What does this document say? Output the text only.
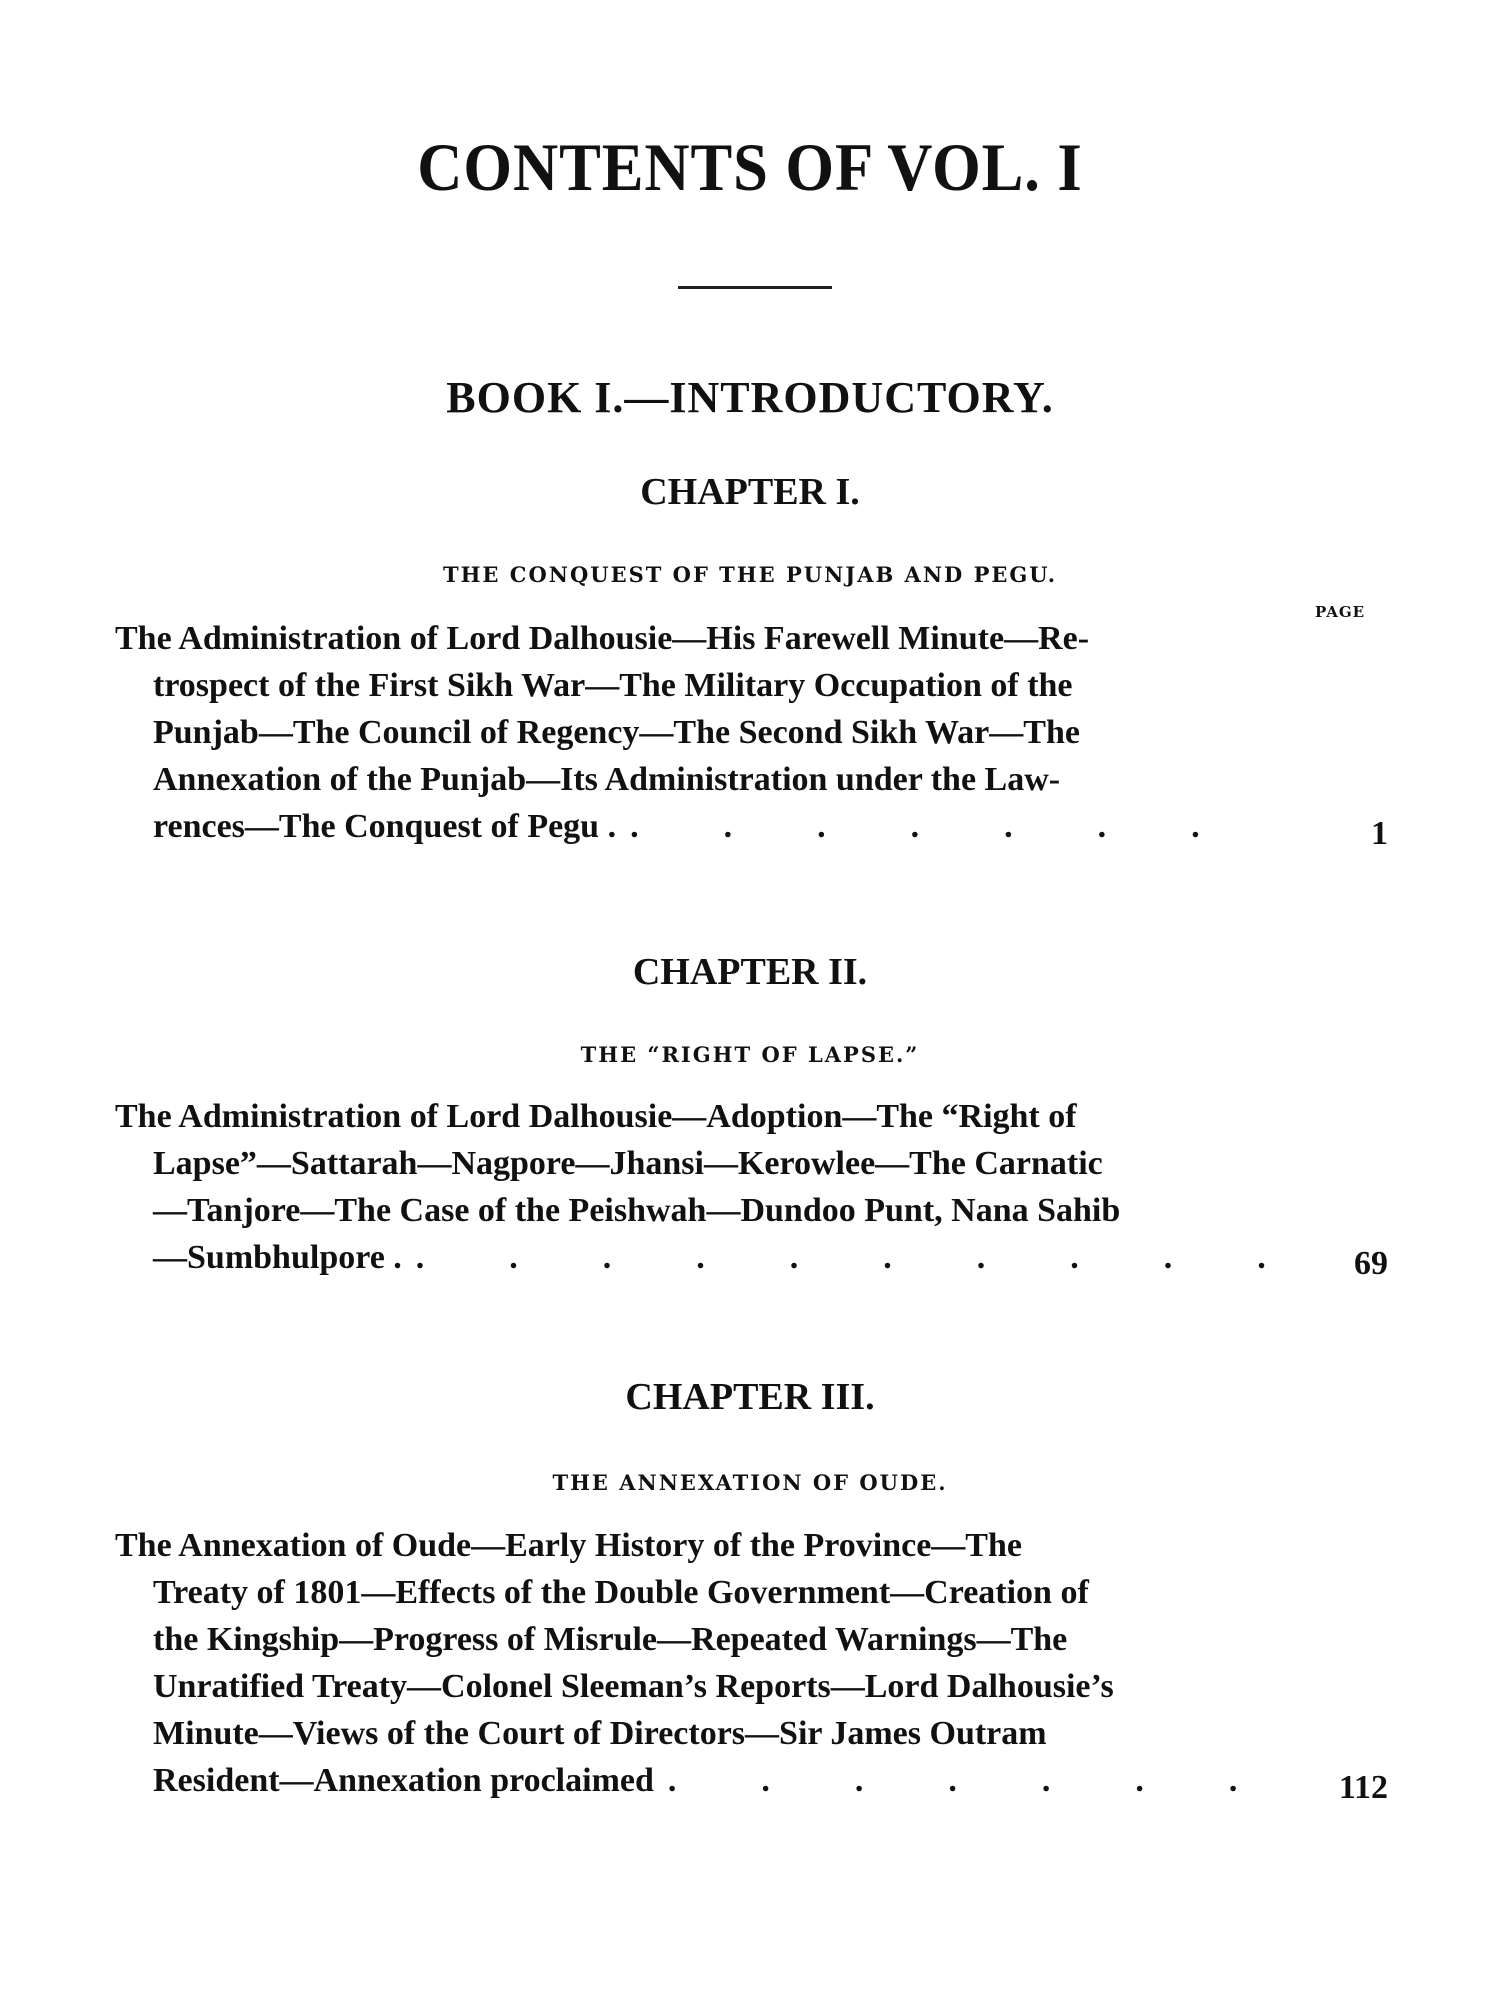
CONTENTS OF VOL. I
BOOK I.—INTRODUCTORY.
CHAPTER I.
THE CONQUEST OF THE PUNJAB AND PEGU.
PAGE
The Administration of Lord Dalhousie—His Farewell Minute—Re-
trospect of the First Sikh War—The Military Occupation of the
Punjab—The Council of Regency—The Second Sikh War—The
Annexation of the Punjab—Its Administration under the Law-
rences—The Conquest of Pegu . .	1
CHAPTER II.
THE “RIGHT OF LAPSE.”
The Administration of Lord Dalhousie—Adoption—The “Right of
Lapse”—Sattarah—Nagpore—Jhansi—Kerowlee—The Carnatic
—Tanjore—The Case of the Peishwah—Dundoo Punt, Nana Sahib
—Sumbhulpore . .	69
CHAPTER III.
THE ANNEXATION OF OUDE.
The Annexation of Oude—Early History of the Province—The
Treaty of 1801—Effects of the Double Government—Creation of
the Kingship—Progress of Misrule—Repeated Warnings—The
Unratified Treaty—Colonel Sleeman’s Reports—Lord Dalhousie’s
Minute—Views of the Court of Directors—Sir James Outram
Resident—Annexation proclaimed .	112
